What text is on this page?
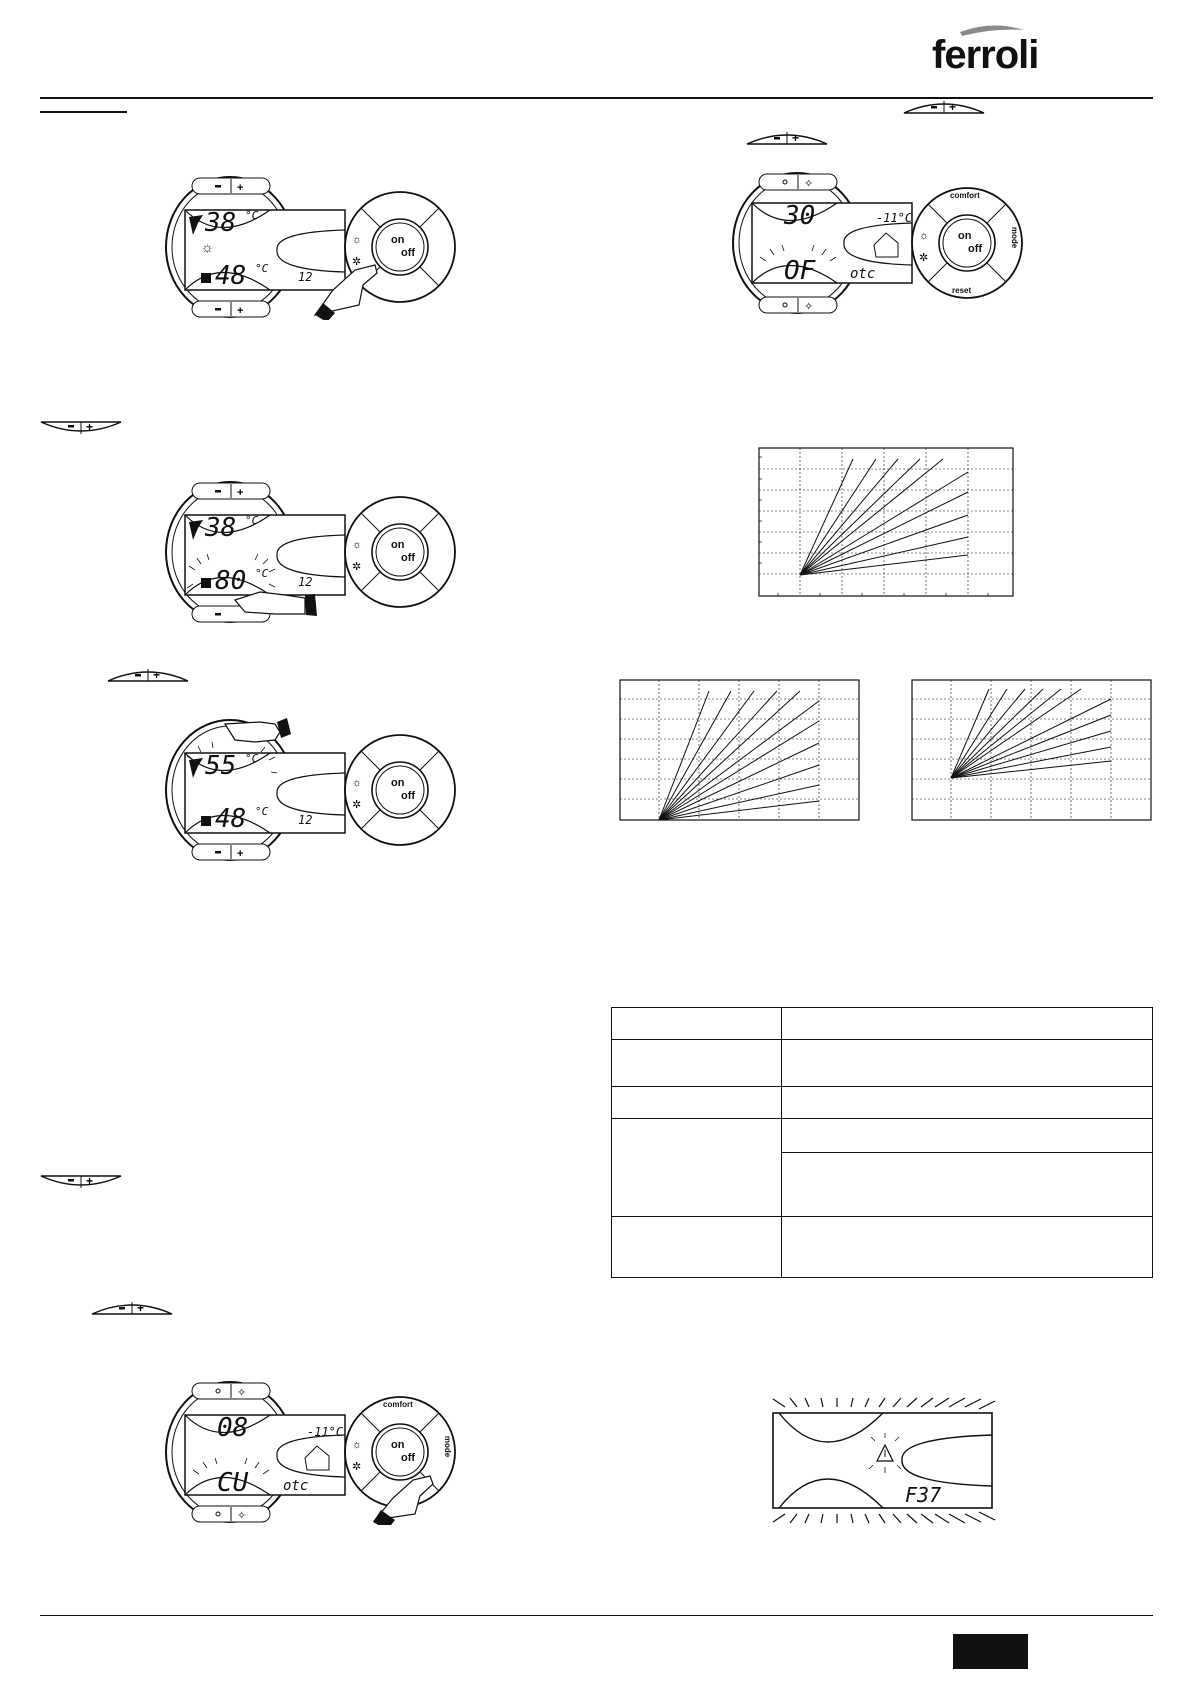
ferroli
+
+
+
+
+
+
+
+
☼	☼
✲
38 °C
48 °C
12
on
off
+
☼
✲
38 °C
80 °C
12
on
off
+
☼
✲
55 °C
48 °C
12
on
off
✧
✧
☼
✲
08
CU
-11°C
otc
comfort
mode
on
off
✧
✧
☼
✲
30
OF
-11°C
otc
comfort
mode
reset
on
off

F37
